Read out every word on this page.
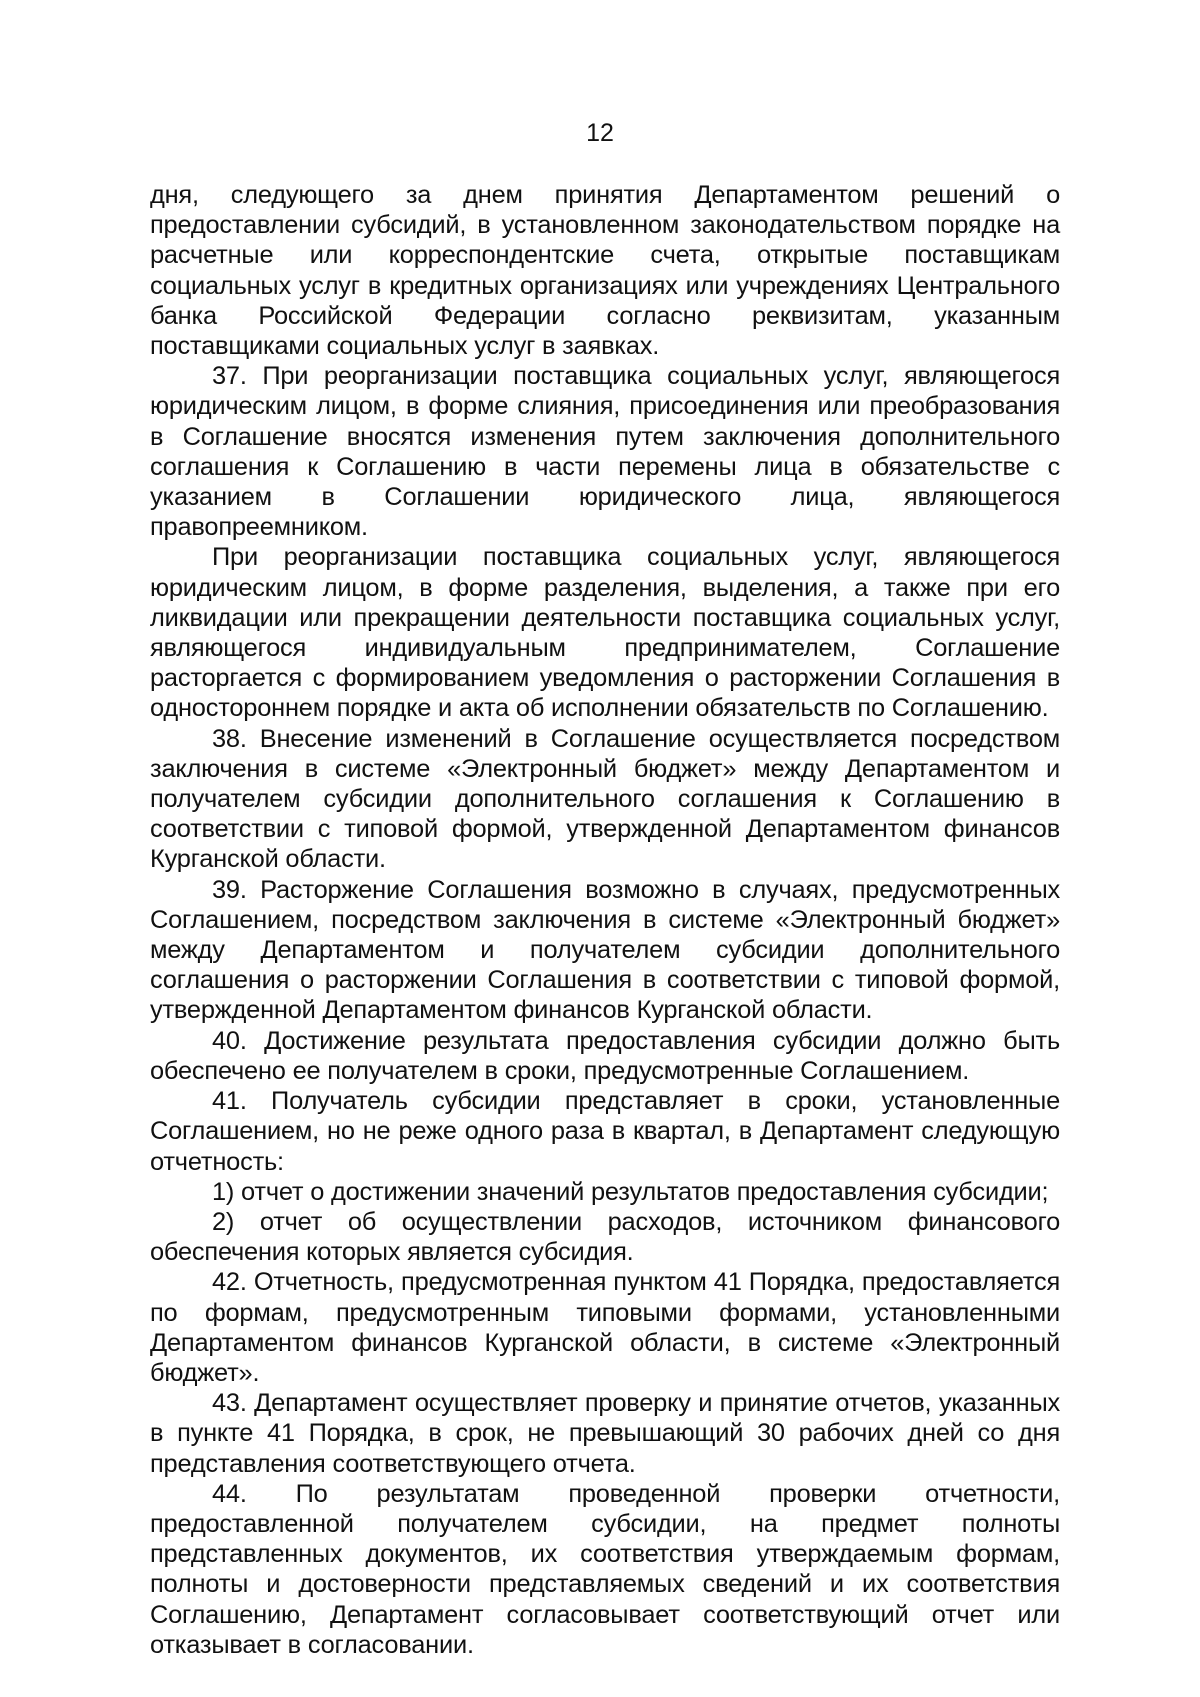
12

дня, следующего за днем принятия Департаментом решений о предоставлении субсидий, в установленном законодательством порядке на расчетные или корреспондентские счета, открытые поставщикам социальных услуг в кредитных организациях или учреждениях Центрального банка Российской Федерации согласно реквизитам, указанным поставщиками социальных услуг в заявках.

37. При реорганизации поставщика социальных услуг, являющегося юридическим лицом, в форме слияния, присоединения или преобразования в Соглашение вносятся изменения путем заключения дополнительного соглашения к Соглашению в части перемены лица в обязательстве с указанием в Соглашении юридического лица, являющегося правопреемником.

При реорганизации поставщика социальных услуг, являющегося юридическим лицом, в форме разделения, выделения, а также при его ликвидации или прекращении деятельности поставщика социальных услуг, являющегося индивидуальным предпринимателем, Соглашение расторгается с формированием уведомления о расторжении Соглашения в одностороннем порядке и акта об исполнении обязательств по Соглашению.

38. Внесение изменений в Соглашение осуществляется посредством заключения в системе «Электронный бюджет» между Департаментом и получателем субсидии дополнительного соглашения к Соглашению в соответствии с типовой формой, утвержденной Департаментом финансов Курганской области.

39. Расторжение Соглашения возможно в случаях, предусмотренных Соглашением, посредством заключения в системе «Электронный бюджет» между Департаментом и получателем субсидии дополнительного соглашения о расторжении Соглашения в соответствии с типовой формой, утвержденной Департаментом финансов Курганской области.

40. Достижение результата предоставления субсидии должно быть обеспечено ее получателем в сроки, предусмотренные Соглашением.

41. Получатель субсидии представляет в сроки, установленные Соглашением, но не реже одного раза в квартал, в Департамент следующую отчетность:

1) отчет о достижении значений результатов предоставления субсидии;

2) отчет об осуществлении расходов, источником финансового обеспечения которых является субсидия.

42. Отчетность, предусмотренная пунктом 41 Порядка, предоставляется по формам, предусмотренным типовыми формами, установленными Департаментом финансов Курганской области, в системе «Электронный бюджет».

43. Департамент осуществляет проверку и принятие отчетов, указанных в пункте 41 Порядка, в срок, не превышающий 30 рабочих дней со дня представления соответствующего отчета.

44. По результатам проведенной проверки отчетности, предоставленной получателем субсидии, на предмет полноты представленных документов, их соответствия утверждаемым формам, полноты и достоверности представляемых сведений и их соответствия Соглашению, Департамент согласовывает соответствующий отчет или отказывает в согласовании.
